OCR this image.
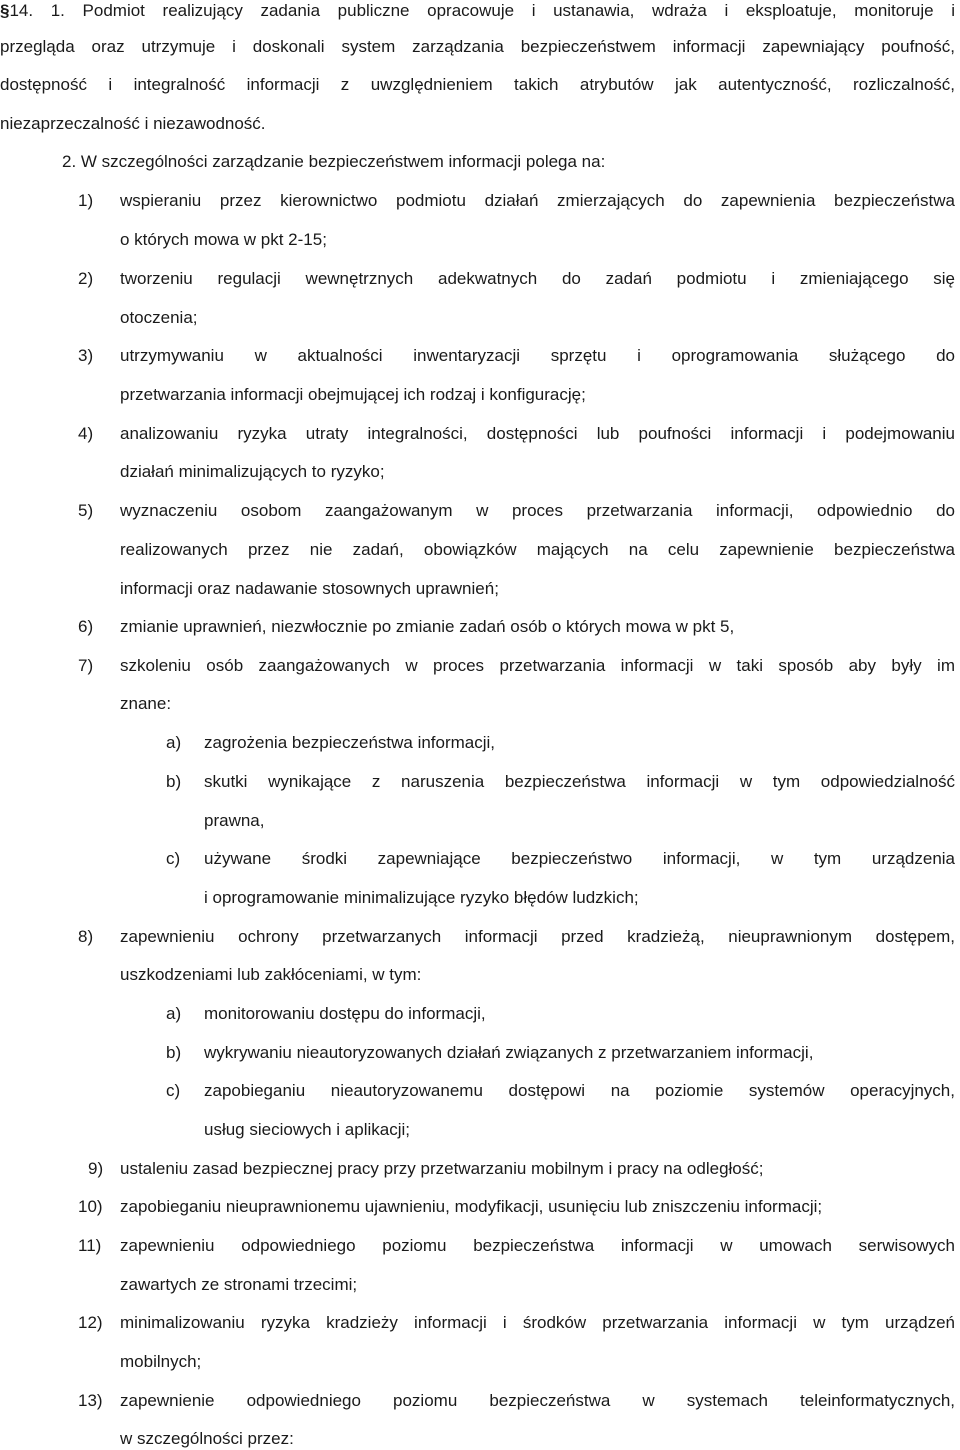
§14. 1. Podmiot realizujący zadania publiczne opracowuje i ustanawia, wdraża i eksploatuje, monitoruje i
przegląda oraz utrzymuje i doskonali system zarządzania bezpieczeństwem informacji zapewniający poufność,
dostępność i integralność informacji z uwzględnieniem takich atrybutów jak autentyczność, rozliczalność,
niezaprzeczalność i niezawodność.
2. W szczególności zarządzanie bezpieczeństwem informacji polega na:
1) wspieraniu przez kierownictwo podmiotu działań zmierzających do zapewnienia bezpieczeństwa
o których mowa w pkt 2-15;
2) tworzeniu regulacji wewnętrznych adekwatnych do zadań podmiotu i zmieniającego się
otoczenia;
3) utrzymywaniu w aktualności inwentaryzacji sprzętu i oprogramowania służącego do
przetwarzania informacji obejmującej ich rodzaj i konfigurację;
4) analizowaniu ryzyka utraty integralności, dostępności lub poufności informacji i podejmowaniu
działań minimalizujących to ryzyko;
5) wyznaczeniu osobom zaangażowanym w proces przetwarzania informacji, odpowiednio do
realizowanych przez nie zadań, obowiązków mających na celu zapewnienie bezpieczeństwa
informacji oraz nadawanie stosownych uprawnień;
6) zmianie uprawnień, niezwłocznie po zmianie zadań osób o których mowa w pkt 5,
7) szkoleniu osób zaangażowanych w proces przetwarzania informacji w taki sposób aby były im
znane:
a) zagrożenia bezpieczeństwa informacji,
b) skutki wynikające z naruszenia bezpieczeństwa informacji w tym odpowiedzialność
prawna,
c) używane środki zapewniające bezpieczeństwo informacji, w tym urządzenia
i oprogramowanie minimalizujące ryzyko błędów ludzkich;
8) zapewnieniu ochrony przetwarzanych informacji przed kradzieżą, nieuprawnionym dostępem,
uszkodzeniami lub zakłóceniami, w tym:
a) monitorowaniu dostępu do informacji,
b) wykrywaniu nieautoryzowanych działań związanych z przetwarzaniem informacji,
c) zapobieganiu nieautoryzowanemu dostępowi na poziomie systemów operacyjnych,
usług sieciowych i aplikacji;
9) ustaleniu zasad bezpiecznej pracy przy przetwarzaniu mobilnym i pracy na odległość;
10) zapobieganiu nieuprawnionemu ujawnieniu, modyfikacji, usunięciu lub zniszczeniu informacji;
11) zapewnieniu odpowiedniego poziomu bezpieczeństwa informacji w umowach serwisowych
zawartych ze stronami trzecimi;
12) minimalizowaniu ryzyka kradzieży informacji i środków przetwarzania informacji w tym urządzeń
mobilnych;
13) zapewnienie odpowiedniego poziomu bezpieczeństwa w systemach teleinformatycznych,
w szczególności przez:
